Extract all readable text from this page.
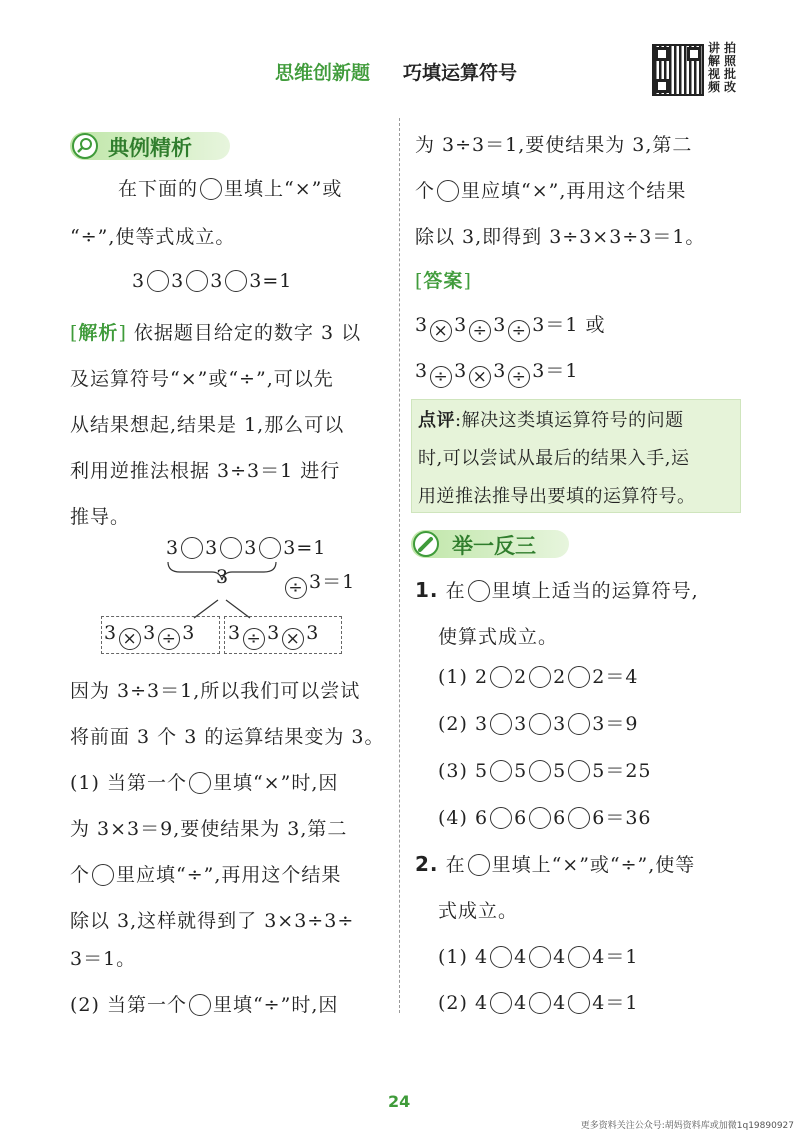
思维创新题 巧填运算符号
讲解视频
拍照批改
典例精析
在下面的 里填上“×”或
“÷”,使等式成立。
3 3 3 3=1
[解析] 依据题目给定的数字 3 以
及运算符号“×”或“÷”,可以先
从结果想起,结果是 1,那么可以
利用逆推法根据 3÷3＝1 进行
推导。
3 3 3 3=1
÷ 3＝1
3
3 × 3 ÷ 3 3 ÷ 3 × 3
因为 3÷3＝1,所以我们可以尝试
将前面 3 个 3 的运算结果变为 3。
(1) 当第一个 里填“×”时,因
为 3×3＝9,要使结果为 3,第二
个 里应填“÷”,再用这个结果
除以 3,这样就得到了 3×3÷3÷
3＝1。
(2) 当第一个 里填“÷”时,因
为 3÷3＝1,要使结果为 3,第二
个 里应填“×”,再用这个结果
除以 3,即得到 3÷3×3÷3＝1。
[答案]
3 × 3 ÷ 3 ÷ 3＝1 或
3 ÷ 3 × 3 ÷ 3＝1
点评:解决这类填运算符号的问题
时,可以尝试从最后的结果入手,运
用逆推法推导出要填的运算符号。
举一反三
1. 在 里填上适当的运算符号,
使算式成立。
(1) 2 2 2 2＝4
(2) 3 3 3 3＝9
(3) 5 5 5 5＝25
(4) 6 6 6 6＝36
2. 在 里填上“×”或“÷”,使等
式成立。
(1) 4 4 4 4＝1
(2) 4 4 4 4＝1
24
更多资料关注公众号:胡妈资料库或加微1q19890927
